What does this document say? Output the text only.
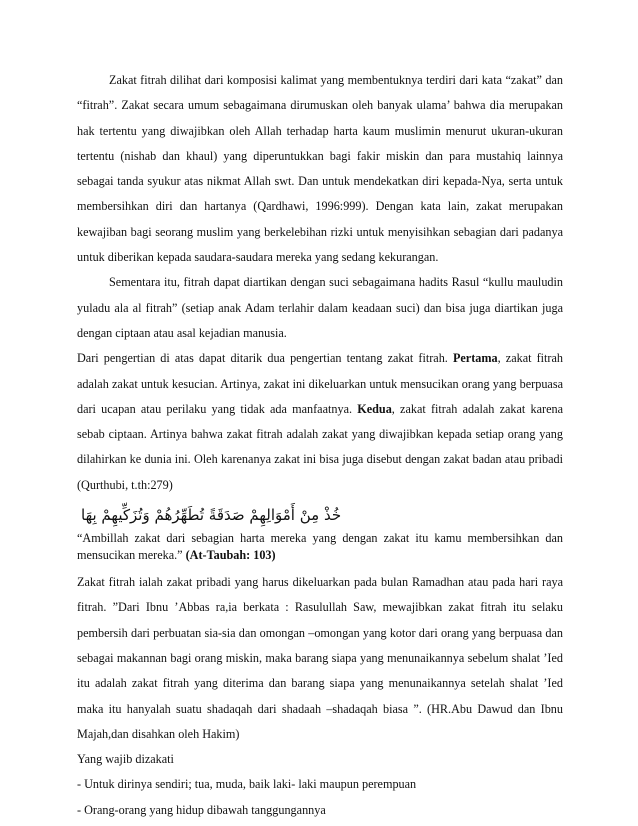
Zakat fitrah dilihat dari komposisi kalimat yang membentuknya terdiri dari kata “zakat” dan “fitrah”. Zakat secara umum sebagaimana dirumuskan oleh banyak ulama’ bahwa dia merupakan hak tertentu yang diwajibkan oleh Allah terhadap harta kaum muslimin menurut ukuran-ukuran tertentu (nishab dan khaul) yang diperuntukkan bagi fakir miskin dan para mustahiq lainnya sebagai tanda syukur atas nikmat Allah swt. Dan untuk mendekatkan diri kepada-Nya, serta untuk membersihkan diri dan hartanya (Qardhawi, 1996:999). Dengan kata lain, zakat merupakan kewajiban bagi seorang muslim yang berkelebihan rizki untuk menyisihkan sebagian dari padanya untuk diberikan kepada saudara-saudara mereka yang sedang kekurangan.

Sementara itu, fitrah dapat diartikan dengan suci sebagaimana hadits Rasul “kullu mauludin yuladu ala al fitrah” (setiap anak Adam terlahir dalam keadaan suci) dan bisa juga diartikan juga dengan ciptaan atau asal kejadian manusia.

Dari pengertian di atas dapat ditarik dua pengertian tentang zakat fitrah. Pertama, zakat fitrah adalah zakat untuk kesucian. Artinya, zakat ini dikeluarkan untuk mensucikan orang yang berpuasa dari ucapan atau perilaku yang tidak ada manfaatnya. Kedua, zakat fitrah adalah zakat karena sebab ciptaan. Artinya bahwa zakat fitrah adalah zakat yang diwajibkan kepada setiap orang yang dilahirkan ke dunia ini. Oleh karenanya zakat ini bisa juga disebut dengan zakat badan atau pribadi (Qurthubi, t.th:279)

خُذْ مِنْ أَمْوَالِهِمْ صَدَقَةً تُطَهِّرُهُمْ وَتُزَكِّيهِمْ بِهَا

“Ambillah zakat dari sebagian harta mereka yang dengan zakat itu kamu membersihkan dan mensucikan mereka.” (At-Taubah: 103)

Zakat fitrah ialah zakat pribadi yang harus dikeluarkan pada bulan Ramadhan atau pada hari raya fitrah. ”Dari Ibnu ’Abbas ra,ia berkata : Rasulullah Saw, mewajibkan zakat fitrah itu selaku pembersih dari perbuatan sia-sia dan omongan –omongan yang kotor dari orang yang berpuasa dan sebagai makannan bagi orang miskin, maka barang siapa yang menunaikannya sebelum shalat ’Ied itu adalah zakat fitrah yang diterima dan barang siapa yang menunaikannya setelah shalat ’Ied maka itu hanyalah suatu shadaqah dari shadaah –shadaqah biasa ”. (HR.Abu Dawud dan Ibnu Majah,dan disahkan oleh Hakim)

Yang wajib dizakati

- Untuk dirinya sendiri; tua, muda, baik laki- laki maupun perempuan

- Orang-orang yang hidup dibawah tanggungannya
